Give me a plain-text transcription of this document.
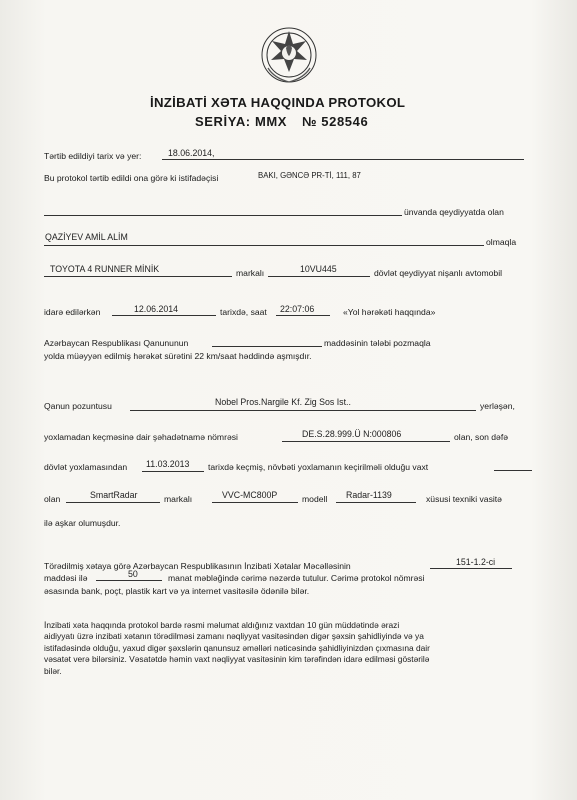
İNZİBATİ XƏTA HAQQINDA PROTOKOL
SERİYA: MMX № 528546
Tərtib edildiyi tarix və yer:	18.06.2014,
Bu protokol tərtib edildi ona görə ki istifadəçisi	BAKI, GƏNCƏ PR-Tİ, 111, 87
ünvanda qeydiyyatda olan
QAZİYEV AMİL ALİM	olmaqla
TOYOTA 4 RUNNER MİNİK	markalı	10VU445	dövlət qeydiyyat nişanlı avtomobil
idarə edilərkən	12.06.2014	tarixdə, saat 22:07:06	«Yol hərəkəti haqqında»
Azərbaycan Respublikası Qanununun	maddəsinin tələbi pozmaqla
yolda müəyyən edilmiş hərəkət sürətini 22 km/saat həddində aşmışdır.
Qanun pozuntusu	Nobel Pros.Nargile Kf. Zig Sos Ist..	yerləşən,
yoxlamadan keçməsinə dair şəhadətnamə nömrəsi	DE.S.28.999.Ü N:000806	olan, son dəfə
dövlət yoxlamasından 11.03.2013 tarixdə keçmiş, növbəti yoxlamanın keçirilməli olduğu vaxt
olan	SmartRadar	markalı	VVC-MC800P	modell Radar-1139	xüsusi texniki vasitə
ilə aşkar olumuşdur.
Törədilmiş xətaya görə Azərbaycan Respublikasının İnzibati Xətalar Məcəlləsinin	151-1.2-ci
maddəsi ilə	50	manat məbləğində cərimə nəzərdə tutulur. Cərimə protokol nömrəsi
əsasında bank, poçt, plastik kart və ya internet vasitəsilə ödənilə bilər.
İnzibati xəta haqqında protokol bardə rəsmi məlumat aldığınız vaxtdan 10 gün müddətində ərazi
aidiyyatı üzrə inzibati xətanın törədilməsi zamanı nəqliyyat vasitəsindən digər şəxsin şahidliyində və ya
istifadəsində olduğu, yaxud digər şəxslərin qanunsuz əməlləri nəticəsində şahidliyinizdən çıxmasına dair
vəsatət verə bilərsiniz. Vəsatətdə həmin vaxt nəqliyyat vasitəsinin kim tərəfindən idarə edilməsi göstərilə
bilər.
